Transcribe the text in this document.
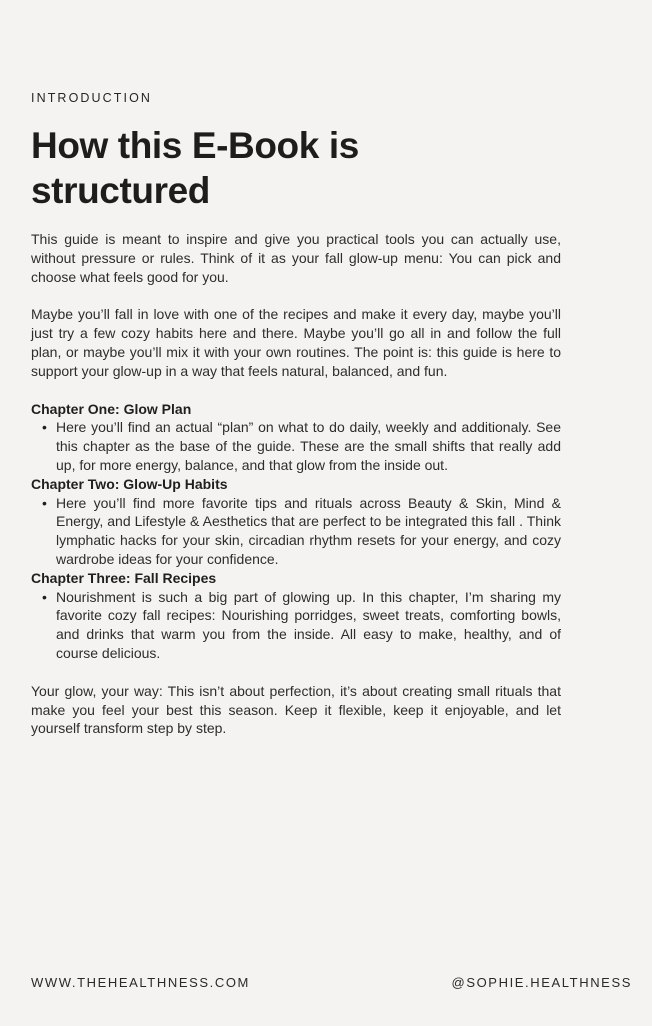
INTRODUCTION
How this E-Book is structured

This guide is meant to inspire and give you practical tools you can actually use, without pressure or rules. Think of it as your fall glow-up menu: You can pick and choose what feels good for you.

Maybe you’ll fall in love with one of the recipes and make it every day, maybe you’ll just try a few cozy habits here and there. Maybe you’ll go all in and follow the full plan, or maybe you’ll mix it with your own routines. The point is: this guide is here to support your glow-up in a way that feels natural, balanced, and fun.

Chapter One: Glow Plan
• Here you’ll find an actual “plan” on what to do daily, weekly and additionaly. See this chapter as the base of the guide. These are the small shifts that really add up, for more energy, balance, and that glow from the inside out.

Chapter Two: Glow-Up Habits
• Here you’ll find more favorite tips and rituals across Beauty & Skin, Mind & Energy, and Lifestyle & Aesthetics that are perfect to be integrated this fall . Think lymphatic hacks for your skin, circadian rhythm resets for your energy, and cozy wardrobe ideas for your confidence.

Chapter Three: Fall Recipes
• Nourishment is such a big part of glowing up. In this chapter, I’m sharing my favorite cozy fall recipes: Nourishing porridges, sweet treats, comforting bowls, and drinks that warm you from the inside. All easy to make, healthy, and of course delicious.

Your glow, your way: This isn’t about perfection, it’s about creating small rituals that make you feel your best this season. Keep it flexible, keep it enjoyable, and let yourself transform step by step.

WWW.THEHEALTHNESS.COM	@SOPHIE.HEALTHNESS
